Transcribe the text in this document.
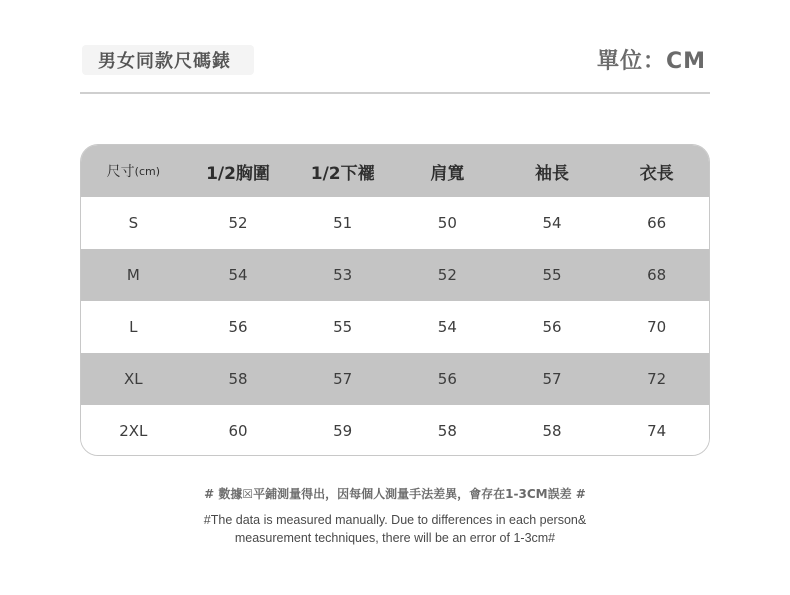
男女同款尺碼錶	單位：CM
尺寸 (cm)	1/2胸圍	1/2下襬	肩寬	袖長	衣長
S	52	51	50	54	66
M	54	53	52	55	68
L	56	55	54	56	70
XL	58	57	56	57	72
2XL	60	59	58	58	74
# 數據☒平鋪測量得出，因每個人測量手法差異，會存在1-3CM誤差 #
#The data is measured manually. Due to differences in each person&
measurement techniques, there will be an error of 1-3cm#
